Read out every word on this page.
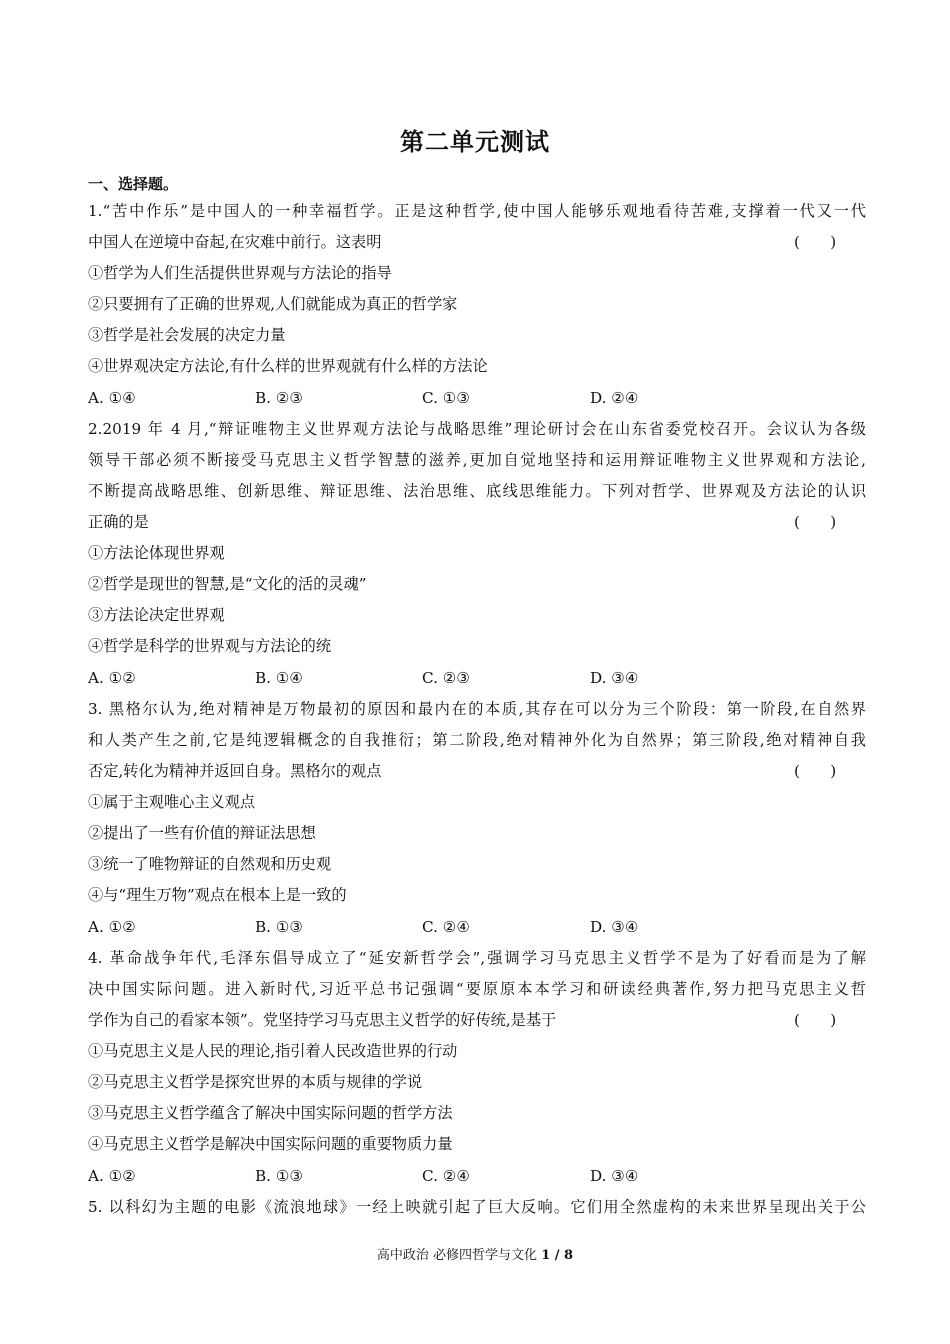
第二单元测试
一、选择题。
1.“苦中作乐”是中国人的一种幸福哲学。正是这种哲学,使中国人能够乐观地看待苦难,支撑着一代又一代
中国人在逆境中奋起,在灾难中前行。这表明	(　　)
①哲学为人们生活提供世界观与方法论的指导
②只要拥有了正确的世界观,人们就能成为真正的哲学家
③哲学是社会发展的决定力量
④世界观决定方法论,有什么样的世界观就有什么样的方法论
A. ①④	B. ②③	C. ①③	D. ②④
2.2019 年 4 月,“辩证唯物主义世界观方法论与战略思维”理论研讨会在山东省委党校召开。会议认为各级
领导干部必须不断接受马克思主义哲学智慧的滋养,更加自觉地坚持和运用辩证唯物主义世界观和方法论,
不断提高战略思维、创新思维、辩证思维、法治思维、底线思维能力。下列对哲学、世界观及方法论的认识
正确的是	(　　)
①方法论体现世界观
②哲学是现世的智慧,是“文化的活的灵魂”
③方法论决定世界观
④哲学是科学的世界观与方法论的统
A. ①②	B. ①④	C. ②③	D. ③④
3. 黑格尔认为,绝对精神是万物最初的原因和最内在的本质,其存在可以分为三个阶段：第一阶段,在自然界
和人类产生之前,它是纯逻辑概念的自我推衍；第二阶段,绝对精神外化为自然界；第三阶段,绝对精神自我
否定,转化为精神并返回自身。黑格尔的观点	(　　)
①属于主观唯心主义观点
②提出了一些有价值的辩证法思想
③统一了唯物辩证的自然观和历史观
④与“理生万物”观点在根本上是一致的
A. ①②	B. ①③	C. ②④	D. ③④
4. 革命战争年代,毛泽东倡导成立了“延安新哲学会”,强调学习马克思主义哲学不是为了好看而是为了解
决中国实际问题。进入新时代,习近平总书记强调“要原原本本学习和研读经典著作,努力把马克思主义哲
学作为自己的看家本领”。党坚持学习马克思主义哲学的好传统,是基于	(　　)
①马克思主义是人民的理论,指引着人民改造世界的行动
②马克思主义哲学是探究世界的本质与规律的学说
③马克思主义哲学蕴含了解决中国实际问题的哲学方法
④马克思主义哲学是解决中国实际问题的重要物质力量
A. ①②	B. ①③	C. ②④	D. ③④
5. 以科幻为主题的电影《流浪地球》一经上映就引起了巨大反响。它们用全然虚构的未来世界呈现出关于公
高中政治 必修四哲学与文化 1 / 8
